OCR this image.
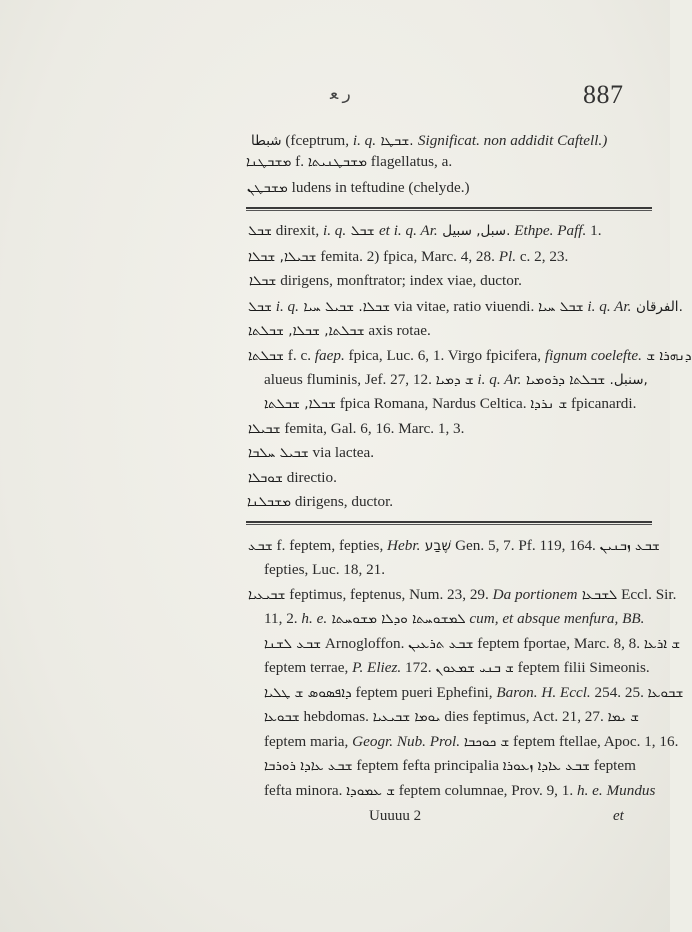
ﺭ ﻌ	887
ﺷﺒﻄﺎ (fceptrum, i. q. ܫܒܛܐ. Significat. non addidit Caftell.)
ܡܫܒܛܢܐ f. ܡܫܒܛܢܝܬܐ flagellatus, a.
ܡܫܒܛܢ ludens in teftudine (chelyde.)
ܫܒܠ direxit, i. q. ܫܒܠ et i. q. Ar. ﺳﺒﻞ, ﺳﺒﻴﻞ. Ethpe. Paff. 1.
ܫܒܝܠܐ, ܫܒܠܐ femita. 2) fpica, Marc. 4, 28. Pl. c. 2, 23.
ܫܒܠܐ dirigens, monftrator; index viae, ductor.
ܫܒܠ i. q. ܫܒܠܐ. ܫܒܝܠ ܚܝܐ via vitae, ratio viuendi. ܫܒܠ ܚܝܐ i. q. Ar. ﺍﻟﻔﺮﻗﺎﻥ.
ܫܒܠܬܐ, ܫܒܠܐ, ܫܒܠܬܐ axis rotae.
ܫܒܠܬܐ f. c. faep. fpica, Luc. 6, 1. Virgo fpicifera, fignum coelefte. ܕܢܗܪܐ ܫ
alueus fluminis, Jef. 27, 12. ܫ ܕܡܝܐ i. q. Ar. ﺳﻨﺒﻞ. ܫܒܠܬܐ ܕܪܘܡܝܐ,
ܫܒܠܐ, ܫܒܠܬܐ fpica Romana, Nardus Celtica. ܫ ܢܪܕܐ fpicanardi.
ܫܒܝܠܐ femita, Gal. 6, 16. Marc. 1, 3.
ܫܒܝܠ ܚܠܒܐ via lactea.
ܫܘܒܠܐ directio.
ܡܫܒܠܢܐ dirigens, ductor.
ܫܒܥ f. feptem, fepties, Hebr. שֶׁבַע Gen. 5, 7. Pf. 119, 164. ܫܒܥ ܙܒܢܝܢ
fepties, Luc. 18, 21.
ܫܒܝܥܝܐ feptimus, feptenus, Num. 23, 29. Da portionem ܠܫܒܥܐ Eccl. Sir.
11, 2. h. e. ܠܡܫܘܚܬܐ ܘܕܠܐ ܡܫܘܚܬܐ cum, et absque menfura, BB.
ܫܒܥ ܠܫܢܐ Arnogloffon. ܫܒܥ ܬܪܥܝܢ feptem fportae, Marc. 8, 8. ܫ ܐܪܥܐ
feptem terrae, P. Eliez. 172. ܫ ܒܢܝ ܫܡܥܘܢ feptem filii Simeonis.
ܕܐܦܣܘܣ ܫ ܛܠܝܐ feptem pueri Ephefini, Baron. H. Eccl. 254. 25. ܫܒܘܥܐ
ܫܒܘܥܐ hebdomas. ܝܘܡܐ ܫܒܝܥܝܐ dies feptimus, Act. 21, 27. ܫ ܝܡܐ
feptem maria, Geogr. Nub. Prol. ܫ ܟܘܟܒܐ feptem ftellae, Apoc. 1, 16.
ܫܒܥ ܥܐܕܐ ܪܘܪܒܐ feptem fefta principalia ܫܒܥ ܥܐܕܐ ܙܥܘܪܐ feptem
fefta minora. ܫ ܥܡܘܕܐ feptem columnae, Prov. 9, 1. h. e. Mundus
Uuuuu 2	et
